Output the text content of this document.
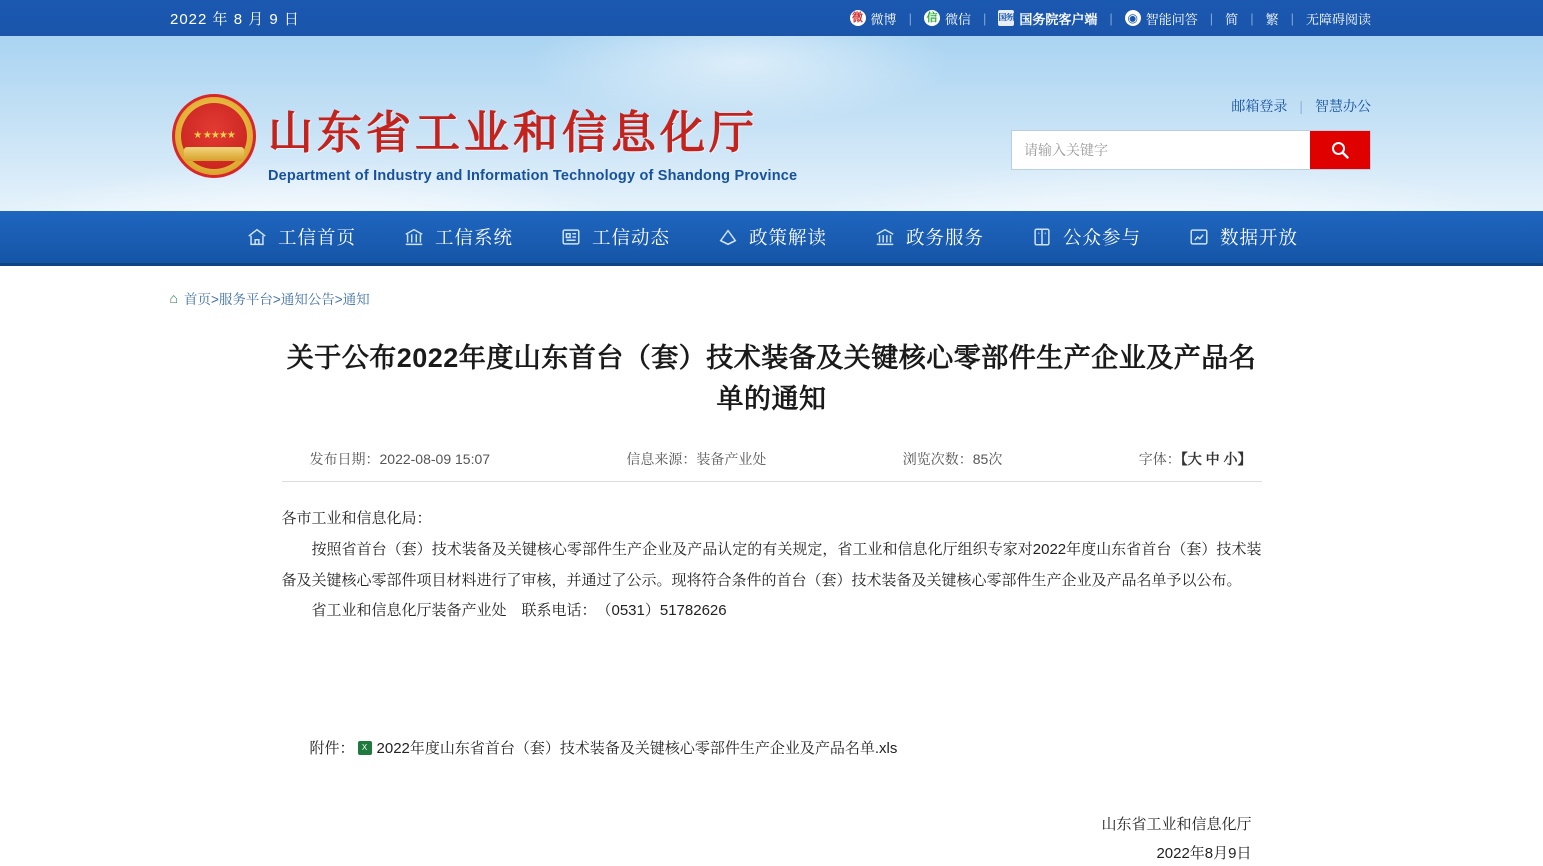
2022 年 8 月 9 日	微 微博 | 信 微信 | 国务院 国务院客户端 | ◉ 智能问答 | 简 | 繁 | 无障碍阅读
★ ★★★★ 山东省工业和信息化厅
Department of Industry and Information Technology of Shandong Province
邮箱登录 | 智慧办公
请输入关键字
工信首页	工信系统	工信动态	政策解读	政务服务	公众参与	数据开放
⌂ 首页>服务平台>通知公告>通知
关于公布2022年度山东首台（套）技术装备及关键核心零部件生产企业及产品名单的通知
发布日期：2022-08-09 15:07	信息来源：装备产业处	浏览次数：85次	字体：【大 中 小】

各市工业和信息化局：

按照省首台（套）技术装备及关键核心零部件生产企业及产品认定的有关规定，省工业和信息化厅组织专家对2022年度山东省首台（套）技术装备及关键核心零部件项目材料进行了审核，并通过了公示。现将符合条件的首台（套）技术装备及关键核心零部件生产企业及产品名单予以公布。

省工业和信息化厅装备产业处　联系电话：　（0531）51782626

附件： X 2022年度山东省首台（套）技术装备及关键核心零部件生产企业及产品名单.xls
山东省工业和信息化厅
2022年8月9日
